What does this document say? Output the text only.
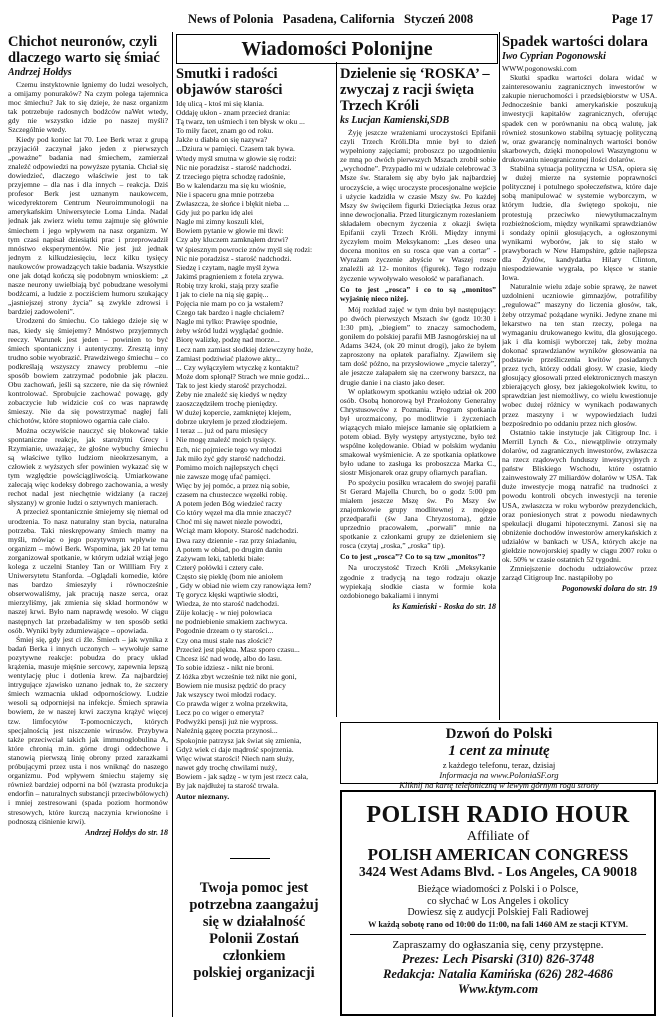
News of Polonia Pasadena, California Styczeń 2008	Page 17
Wiadomości Polonijne
Chichot neuronów, czyli dlaczego warto się śmiać
Andrzej Hołdys

Czemu instyktownie lgniemy do ludzi wesołych, a omijamy ponuraków? Na czym polega tajemnica moc śmiechu? Jak to się dzieje, że nasz organizm tak potrzebuje radosnych bodźców naWet wtedy, gdy nie wszystko idzie po naszej myśli? Szczególnie wtedy.

Kiedy pod koniec lat 70. Lee Berk wraz z grupą przyjaciół zaczynał jako jeden z pierwszych „poważne” badania nad śmiechem, zamierzał znaleźć odpowiedzi na powyższe pytania. Chciał się dowiedzieć, dlaczego właściwie jest to tak przyjemne – dla nas i dla innych – reakcja. Dziś profesor Berk jest uznanym naukowcem, wicedyrektorem Centrum Neuroimmunologii na amerykańskim Uniwersytecie Loma Linda. Nadal jednak jak zwierz wielu temu zajmuje się głównie śmiechem i jego wpływem na nasz organizm. W tym czasi napisał dziesiątki prac i przeprowadził mnóstwo eksperymentów. Nie jest już jednak jednym z kilkudziesięciu, lecz kilku tysięcy naukowców prowadzących takie badania. Wszystkie one jak dotąd kończą się podobnym wnioskiem: „z nasze neurony uwielbiają być pobudzane wesołymi bodźcami, a ludzie z pocziściem humoru szukający „jasniejszej strony życia” są zwykle zdrowsi i bardziej zadowoleni”.

Urodzeni do śmiechu. Co takiego dzieje się w nas, kiedy się śmiejemy? Mnóstwo przyjemnych reeczy. Warunek jest jeden – powinien to być śmiech spontaniczny i autentyczny. Zresztą inny trudno sobie wyobrazić. Prawdziwego śmiechu – co podkreślają wszyszcy znawcy problemu –nie sposób bowiem zatrzymać podobnie jak płaczu. Obu zachowań, jeśli są szczere, nie da się również kontrolować. Sprobujcie zachować powagę, gdy zobaczycie lub widzicie coś co was naprawdę śmieszy. Nie da się powstrzymać nagłej fali chichotów, które stopniowo ogarnia całe ciało.

Można oczywiście nauczyć się blokować takie spontaniczne reakcje, jak starożytni Grecy i Rzymianie, uważając, że głośne wybuchy śmiechu są właściwe tylko ludziom nieokrzesanym, a człowiek z wyższych sfer powinien wykazać się w tym względzie powściągliwością. Umiarkowane zalecają więc kodeksy dobrego zachowania, a wesły rechot nadal jest niechętnie widziany (a raczej słyszany) w gronie ludzi o sztywnych manierach.

A przecież spontanicznie śmiejemy się niemal od urodzenia. To nasz naturalny stan bycia, naturalna potrzeba. Taki nieskrępowany śmiech mamy na myśli, mówiąc o jego pozytywnym wpływie na organizm – mówi Berk. Wspomina, jak 20 lat temu zorganizował spotkanie, w którym udział wziął jego kolega z uczelni Stanley Tan or Willliam Fry z Uniwersytetu Stanforda. –Oglądali komedie, które nas bardzo śmieszyły i równocześnie obserwowaliśmy, jak pracują nasze serca, oraz mierzyliśmy, jak zmienia się skład hormonów w naszej krwi. Było nam naprawdę wesoło. W ciągu następnych lat przebadaliśmy w ten sposób setki osób. Wyniki były zdumiewające – opowiada.

Śmiej się, gdy jest ci źle. Śmiech – jak wynika z badań Berka i innych uczonych – wywołuje same pozytywne reakcje: pobudza do pracy układ krążenia, masuje mięśnie sercowy, zapewnia lepszą wentylację płuc i dotlenia krew. Za najbardziej intrygujące zjawisko uznano jednak to, że szczery śmiech wzmacnia układ odpornościowy. Ludzie wesoli są odporniejsi na infekcje. Śmiech sprawia bowiem, że w naszej krwi zaczyna krążyć więcej tzw. limfocytów T-pomocniczych, których specjalnością jest niszczenie wirusów. Przybywa także przeciwciał takich jak immunoglobulina A, które chronią m.in. górne drogi oddechowe i stanowią pierwszą linię obrony przed zarazkami próbującymi przez usta i nos wniknąć do naszego organizmu. Pod wpływem śmiechu stajemy się również bardziej odporni na ból (wzrasta produkcja endorfin – naturalnych substancji przeciwbólowych) i mniej zestresowani (spada poziom hormonów stresowych, które kurczą naczynia krwionośne i podnoszą ciśnienie krwi).

Andrzej Hołdys do str. 18
Smutki i radości objawów starości
Idę ulicą - ktoś mi się kłania.
Oddaję ukłon - znam przecież drania:
Tą twarz, ten uśmiech i ten błysk w oku ...
To miły facet, znam go od roku.
Jakże u diabła on się nazywa?
...Dziura w pamięci. Czasem tak bywa.
Wtedy myśl smutna w głowie się rodzi:
Nic nie poradzisz - starość nadchodzi.
Z trzeciego piętra schodzę radośnie,
Bo w kalendarzu ma się ku wiośnie,
Nie i spaceru gna mnie potrzeba
Zwłaszcza, że słońce i błękit nieba ...
Gdy już po parku idę alei
Nagle mi zimny koszuli klei,
Bowiem pytanie w głowie mi tkwi:
Czy aby kluczem zamknąłem drzwi?
W śpiesznym powrocie znów myśl się rodzi:
Nic nie poradzisz - starość nadchodzi.
Siedzę i czytam, nagle myśl żywa
Jakimś pragnieniem z fotela zrywa.
Robię trzy kroki, stają przy szafie
I jak to ciele na nią się gapię...
Pojęcia nie mam po co ja wstałem?
Czego tak bardzo i nagle chciałem?
Nagle mi tylko: Prawięe spodnie,
żeby wśród ludzi wyglądać godnie.
Biorę walizkę, podzę nad morze...
Lecz nam zamiast słodkiej dziewczyny hoże,
Zamiast podziwiać plażowe akty...
... Czy wyłączyłem wtyczkę z kontaktu?
Może dom spłonął? Strach we mnie godzi...
Tak to jest kiedy starość przychodzi.
Żeby nie znaleźć się kiedyś w nędzy
zaoszczędziłem trochę pieniędzy.
W dużej kopercie, zamkniętej klejem,
dobrze ukryłem je przed złodziejem.
I teraz ... już od paru miesięcy
Nie mogę znaleźć moich tysięcy.
Ech, nic pojmiecie tego wy młodzi
Jak miło żyć gdy starość nadchodzi.
Pomimo moich najlepszych chęci
nie zawsze mogę ufać pamięci.
Więc by jej pomóc, a przez nią sobie,
czasem na chusteczce węzełki robię.
A potem jeden Bóg wiedzieć raczy
Co który węzeł ma dla mnie znaczyć?
Choć mi się nawet niezle powodzi,
Wciąż mam kłopoty. Starość nadchodzi.
Dwa razy dziennie - raz przy śniadaniu,
A potem w obiad, po drugim daniu
Zażywam leki, tabletki białe:
Czterý połówki i cztery całe.
Często się pieklę (bom nie aniołem
, Gdy w obiad nie wiem czy ranowiąza łem?
Tę gorycz kłęski wąptiwie słodzi,
Wiedza, że nto starość nadchodzi.
Züje kołację - w niej połowiaca
ne podniebienie smakiem zachwyca.
Pogodnie drzeam o ty starości...
Czy ona musi stale nas złościć?
Przecież jest piękna. Masz sporo czasu...
Chcesz iść nad wodę, albo do lasu.
To sobie idziesz - nikt nie broni.
Z łóżka zbyt wcześnie też nikt nie goni,
Bowiem nie musisz pędzić do pracy
Jak wszyscy twoi młodzi rodacy.
Co prawda wiger z wolna przekwita,
Lecz po co wiger o emeryta?
Podwyżki pensji już nie wypross.
Naleźnią gązeę poczta przynosi...
Spokojnie patrzysz jak świat się zmienia,
Gdyż wiek ci daje mądrość spojrzenia.
Więc wiwat starości! Niech nam służy,
nawet gdy trochę chwilami nużý,
Bowiem - jak sądzę - w tym jest rzecz cała,
By jak najdłużej ta starość trwała.
Autor nieznany.
Twoja pomoc jest
potrzebna zaangażuj
się w działalność
Polonii Zostań
członkiem
polskiej organizacji
Dzielenie się ‘ROSKA’ – zwyczaj z racji święta Trzech Króli
ks Lucjan Kamienski,SDB

Żyję jeszcze wrażeniami uroczystości Epifanii czyli Trzech Króli.Dla mnie był to dzień wypełniony zajęciami; proboszcz po uzgodnieniu ze mną po dwóch pierwszych Mszach zrobił sobie „wychodne”. Przypadło mi w udziale celebrować 3 Msze św. Starałem się aby było jak najbardziej uroczyście, a więc uroczyste procesjonalne wejście i użycie kadzidła w czasie Mszy św. Po każdej Mszy św święciłem figurki Dzieciątka Jezus oraz inne dewocjonalia. Przed liturgicznym rozesłaniem składałem obecnym życzenia z okazji święta Epifanii czyli Trzech Króli. Między innymi życzyłem moim Meksykanom: „Les deseo una docena monitos en su rosca que van a cortar” - Wyrażam życzenie abyście w Waszej rosce znaleźli aż 12- monitos (figurek). Tego rodzaju życzenie wywoływało wesołość w parafianach.

Co to jest „rosca” i co to są „monitos” wyjaśnię nieco niżej.

Mój rozkład zajęć w tym dniu był następujący: po dwóch pierwszych Mszach św (godz 10:30 i 1:30 pm), „biegiem” to znaczy samochodem, goniłem do polskiej parafii MB Jasnogórskiej na ul Adams 3424, (ok 20 minut drogi), jako że byłem zaproszony na opłatek parafialny. Zjawiłem się tam dość późno, na przysłowiowe „mycie talerzy”, ale jeszcze załapałem się na czerwony barszcz, na drugie danie i na ciasto jako deser.

W opłatkowym spotkaniu wzięło udział ok 200 osób. Osobą honorową był Przełożony Generalny Chrystusowców z Poznania. Program spotkania był urozmaicony, po modlitwie i życzeniach wiązących miało miejsce łamanie się opłatkiem a potem obiad. Były występy artystyczne, było też wspólne kolędowanie. Obiad w polskim wydaniu smakował wyśmienicie. A ze spotkania opłatkowe było udane to zasługa ks proboszcza Marka C., siostr Misjonarek oraz grupy ofiarnych parafian.

Po spożyciu posiłku wracałem do swojej parafii St Gerard Majella Church, bo o godz 5:00 pm miałem jeszcze Mszę św. Po Mszy św znajomkowie grupy modlitewnej z mojego przedparafii (św Jana Chryzostoma), gdzie uprzednio pracowałem, „porwali” mnie na spotkanie z członkami grupy ze dzieleniem się rosca (czytaj „roska,” „roska” tip).

Co to jest „rosca”? Co to są tzw „monitos”?

Na uroczystość Trzech Króli „Meksykanie zgodnie z tradycją na tego rodzaju okazje wypiekają słodkie ciasta w formie koła ozdobionego bakaliami i innymi

ks Kamieński - Roska do str. 18
Spadek wartości dolara
Iwo Cyprian Pogonowski
WWW.pogonowski.com

Skutki spadku wartości dolara widać w zainteresowaniu zagranicznych inwestorów w zakupie nieruchomości i przedsiębiorstw w USA. Jednocześnie banki amerykańskie poszukują inwestycji kapitałów zagranicznych, oferując spadek cen w porównaniu na obcą walutę, jak również stosunkowo stabilną sytuację polityczną w, oraz gwarancję nominalnych wartości bonów skarbowych, dzięki monopolowi Waszyngtonu w drukowaniu nieograniczonej ilości dolarów.

Stabilna sytuacja polityczna w USA, opiera się w dużej mierze na systemie poprawności politycznej i potulnego społeczeństwa, które daje sobą manipulować w systemie wyborczym, w którym ludzie, dla świętego spokoju, nie protestują przeciwko niewytłumaczalnym rozbieżnościom, między wynikami sprawdzianów i sondaży opinii głosujących, a ogłoszonymi wynikami wyborów, jak to się stało w prawyborach w New Hampshire, gdzie najlepsza dla Żydów, kandydatka Hilary Clinton, niespodziewanie wygrała, po klęsce w stanie Iowa.

Naturalnie wielu zdaje sobie sprawę, że nawet uzdolnieni uczniowie gimnazjów, potrafiliby „regulować” maszyny do liczenia głosów, tak, żeby otrzymać pożądane wyniki. Jedyne znane mi lekarstwo na ten stan rzeczy, polega na wymaganiu drukowanego kwitu, dla głosującego. jak i dla komisji wyborczej tak, żeby można dokonać sprawdzianów wyników głosowania na podstawie prześliczenia kwitów posiadanych przez tych, którzy oddali głosy. W czasie, kiedy głosujący głosowali przed elektronicznych maszyn zbierających głosy, bez jakiegokolwiek kwitu, to sprawdzian jest niemożliwy, co wielu kwestionuje wobec dużej różnicy w wynikach podawanych przez maszyny i w wypowiedziach ludzi bezpośrednio po oddaniu przez nich głosów.

Ostatnio takie instytucje jak Citigroup Inc. i Merrill Lynch & Co., niewątpliwie otrzymały dolarów, od zagranicznych inwestorów, zwłaszcza na rzecz rządowych funduszy inwestycyjnych z państw Bliskiego Wschodu, które ostatnio zainwestowały 27 miliardów dolarów w USA. Tak duże inwestycje mogą natrafić na trudności z powodu kontroli obcych inwestycji na terenie USA, zwłaszcza w roku wyborów prezydenckich, oraz poniesionych strat z powodu niedawnych spekulacji długami hipotecznymi. Zanosi się na obniżenie dochodów inwestorów amerykańskich z udziałów w bankach w USA, których akcje na giełdzie nowojorskiej spadły w ciągu 2007 roku o ok. 50% w czasie ostatnich 52 tygodni.

Zmniejszenie dochodu udziałowców przez zarząd Citigroup Inc. nastąpiłoby po

Pogonowski dolara do str. 19
Dzwoń do Polski
1 cent za minutę
z każdego telefonu, teraz, dzisiaj
Informacja na www.PoloniaSF.org
Kliknij na kartę telefoniczną w lewym górnym rogu strony
POLISH RADIO HOUR
Affiliate of
POLISH AMERICAN CONGRESS
3424 West Adams Blvd. - Los Angeles, CA 90018
Bieżące wiadomości z Polski i o Polsce,
co słychać w Los Angeles i okolicy
Dowiesz się z audycji Polskiej Fali Radiowej
W każdą sobotę rano od 10:00 do 11:00, na fali 1460 AM ze stacji KTYM.
Zapraszamy do ogłaszania się, ceny przystępne.
Prezes: Lech Pisarski (310) 826-3748
Redakcja: Natalia Kamińska (626) 282-4686
Www.ktym.com
